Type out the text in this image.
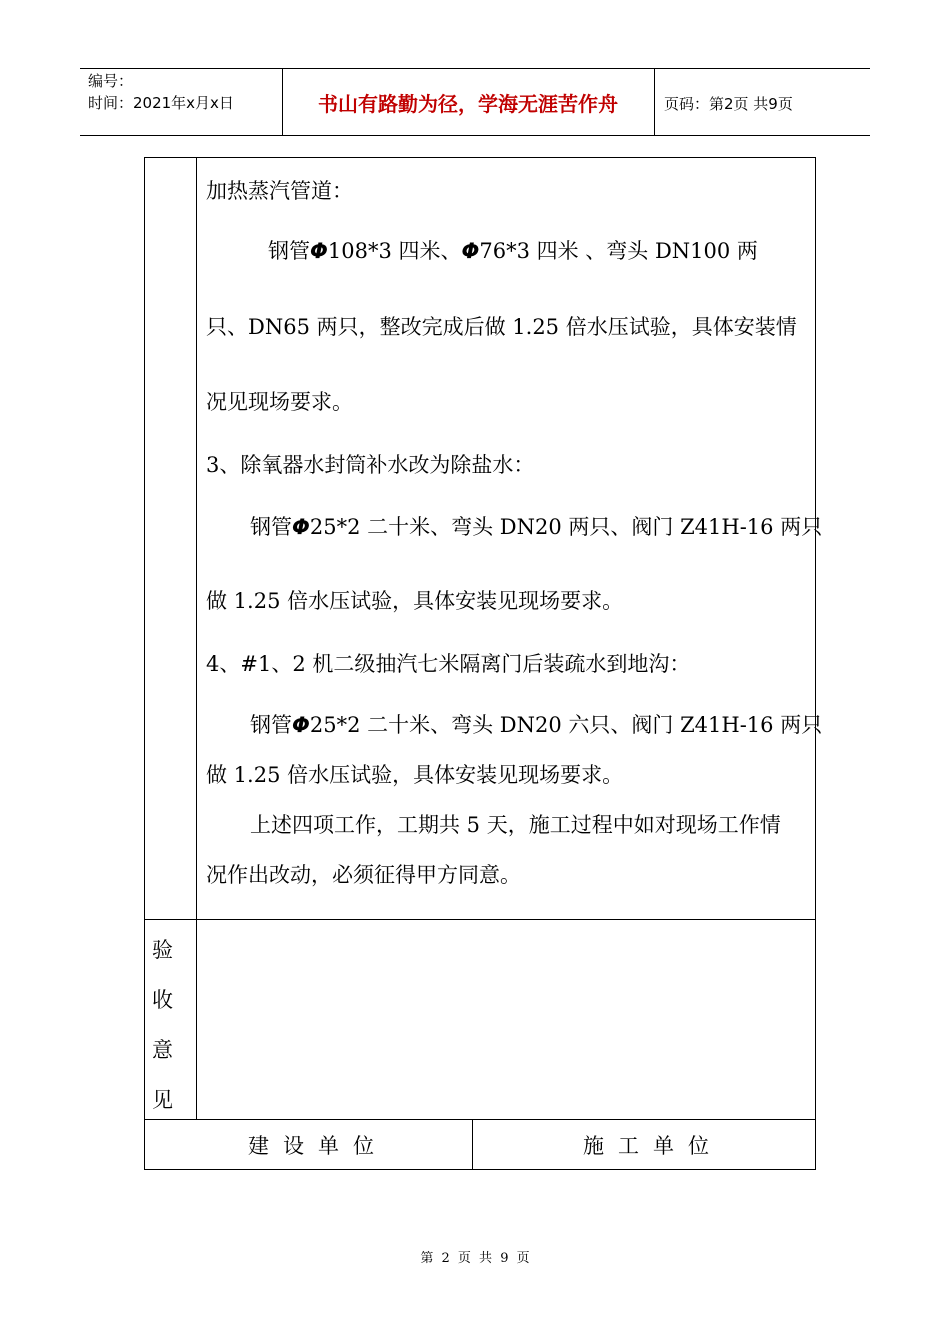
编号：
时间：2021年x月x日	书山有路勤为径，学海无涯苦作舟	页码：第2页 共9页
加热蒸汽管道：
钢管Φ108*3 四米、Φ76*3 四米 、弯头 DN100 两
只、DN65 两只，整改完成后做 1.25 倍水压试验，具体安装情
况见现场要求。
3、除氧器水封筒补水改为除盐水：
钢管Φ25*2 二十米、弯头 DN20 两只、阀门 Z41H-16 两只
做 1.25 倍水压试验，具体安装见现场要求。
4、#1、2 机二级抽汽七米隔离门后装疏水到地沟：
钢管Φ25*2 二十米、弯头 DN20 六只、阀门 Z41H-16 两只
做 1.25 倍水压试验，具体安装见现场要求。
上述四项工作，工期共 5 天，施工过程中如对现场工作情
况作出改动，必须征得甲方同意。
验
收
意
见
建设单位	施工单位
第 2 页 共 9 页
